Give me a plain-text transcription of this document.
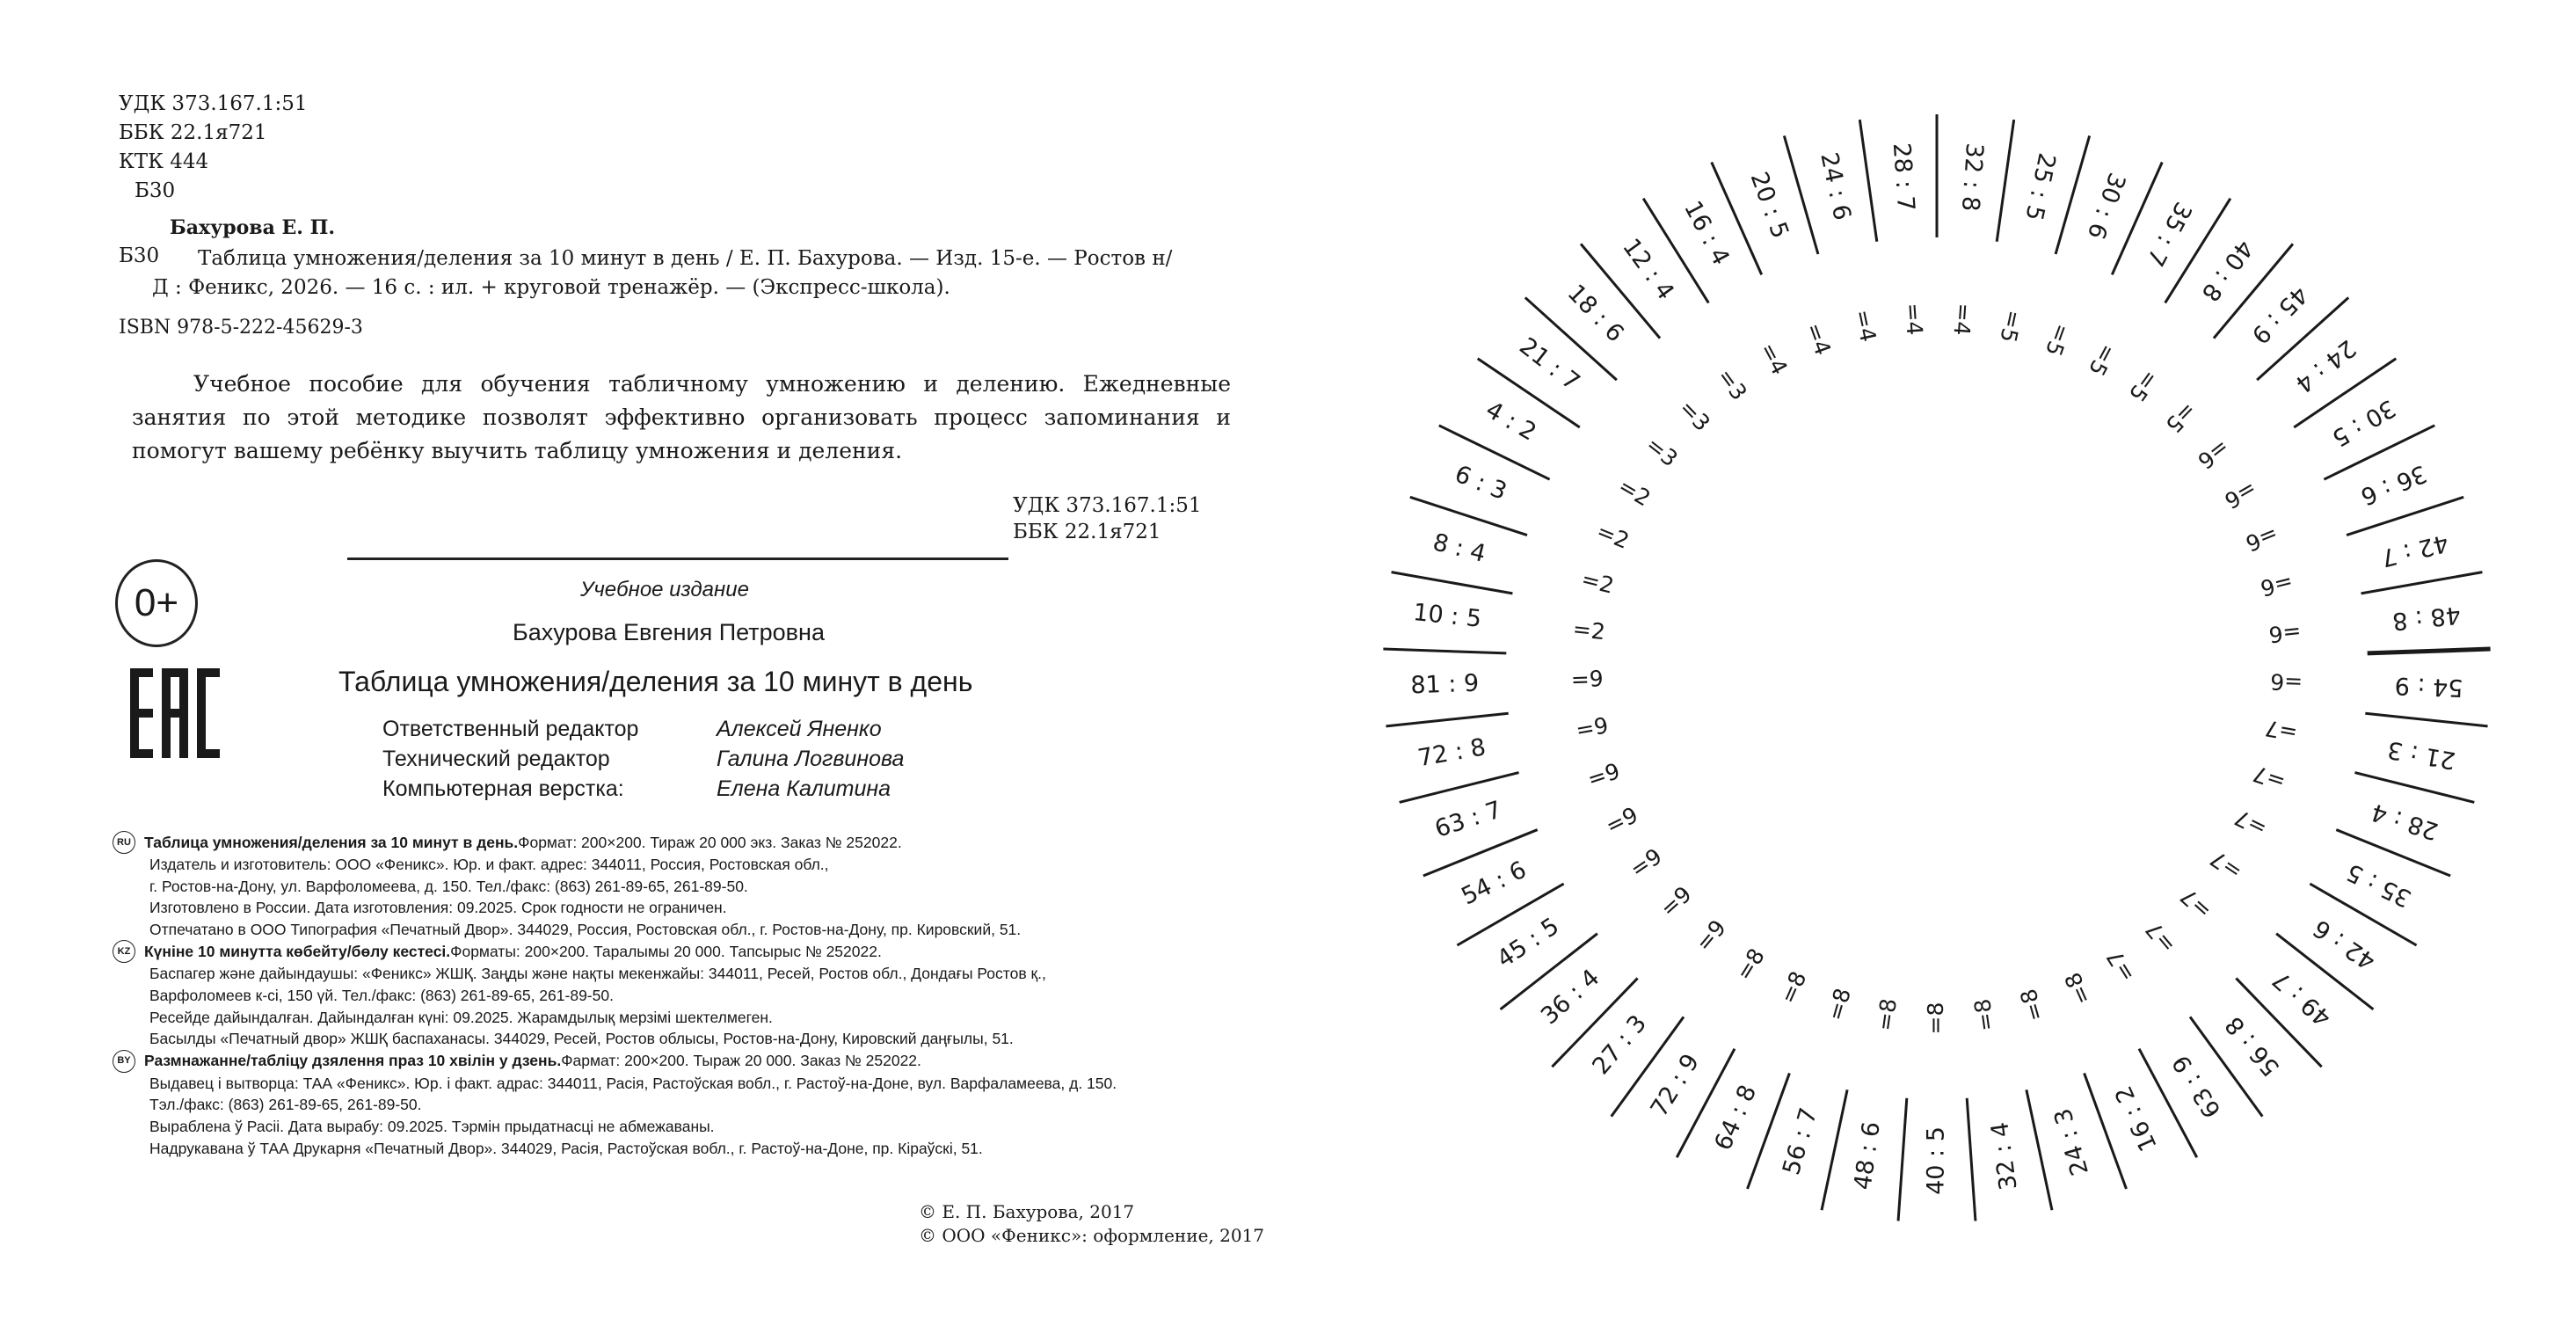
УДК 373.167.1:51
ББК 22.1я721
КТК 444
Б30
Бахурова Е. П.
Б30 Таблица умножения/деления за 10 минут в день / Е. П. Бахурова. — Изд. 15-е. — Ростов н/
Д : Феникс, 2026. — 16 с. : ил. + круговой тренажёр. — (Экспресс-школа).
ISBN 978-5-222-45629-3

Учебное пособие для обучения табличному умножению и делению. Ежедневные занятия по этой методике позволят эффективно организовать процесс запоминания и помогут вашему ребёнку выучить таблицу умножения и деления.

УДК 373.167.1:51
ББК 22.1я721
0+	Учебное издание
Бахурова Евгения Петровна
Таблица умножения/деления за 10 минут в день
Ответственный редактор	Алексей Яненко
Технический редактор	Галина Логвинова
Компьютерная верстка:	Елена Калитина
RU Таблица умножения/деления за 10 минут в день. Формат: 200×200. Тираж 20 000 экз. Заказ № 252022.
Издатель и изготовитель: ООО «Феникс». Юр. и факт. адрес: 344011, Россия, Ростовская обл.,
г. Ростов-на-Дону, ул. Варфоломеева, д. 150. Тел./факс: (863) 261-89-65, 261-89-50.
Изготовлено в России. Дата изготовления: 09.2025. Срок годности не ограничен.
Отпечатано в ООО Типография «Печатный Двор». 344029, Россия, Ростовская обл., г. Ростов-на-Дону, пр. Кировский, 51.
KZ Күніне 10 минутта көбейту/бөлу кестесі. Форматы: 200×200. Таралымы 20 000. Тапсырыс № 252022.
Баспагер және дайындаушы: «Феникс» ЖШҚ. Заңды және нақты мекенжайы: 344011, Ресей, Ростов обл., Дондағы Ростов қ.,
Варфоломеев к-сі, 150 үй. Тел./факс: (863) 261-89-65, 261-89-50.
Ресейде дайындалған. Дайындалған күні: 09.2025. Жарамдылық мерзімі шектелмеген.
Басылды «Печатный двор» ЖШҚ баспаханасы. 344029, Ресей, Ростов облысы, Ростов-на-Дону, Кировский даңғылы, 51.
BY Размнажанне/табліцу дзялення праз 10 хвілін у дзень. Фармат: 200×200. Тыраж 20 000. Заказ № 252022.
Выдавец і вытворца: ТАА «Феникс». Юр. і факт. адрас: 344011, Расія, Растоўская вобл., г. Растоў-на-Доне, вул. Варфаламеева, д. 150.
Тэл./факс: (863) 261-89-65, 261-89-50.
Выраблена ў Расіі. Дата вырабу: 09.2025. Тэрмін прыдатнасці не абмежаваны.
Надрукавана ў ТАА Друкарня «Печатный Двор». 344029, Расія, Растоўская вобл., г. Растоў-на-Доне, пр. Кіраўскі, 51.
© Е. П. Бахурова, 2017
© ООО «Феникс»: оформление, 2017
32 : 8 25 : 5 30 : 6 35 : 7
40 : 8
45 : 9
24 : 4
30 : 5
36 : 6
42 : 7
48 : 8
54 : 9
21 : 3
28 : 4
35 : 5
42 : 6
49 : 7
56 : 8
63 : 9
16 : 2
24 : 3
32 : 4
40 : 5
48 : 6
56 : 7
64 : 8
72 : 9
27 : 3
36 : 4
45 : 5
54 : 6
63 : 7
72 : 8
81 : 9
10 : 5
8 : 4
6 : 3
4 : 2
21 : 7
18 : 6
12 : 4
16 : 4 20 : 5 24 : 6 28 : 7
=4 =5 =5 =5
=5
=5
=6
=6
=6
=6
=6
=6
=7
=7
=7
=7
=7
=7
=7
=8
=8
=8
=8
=8
=8
=8
=8
=9
=9
=9
=9
=9
=9
=9
=2
=2
=2
=2
=3
=3
=3
=4 =4 =4 =4
